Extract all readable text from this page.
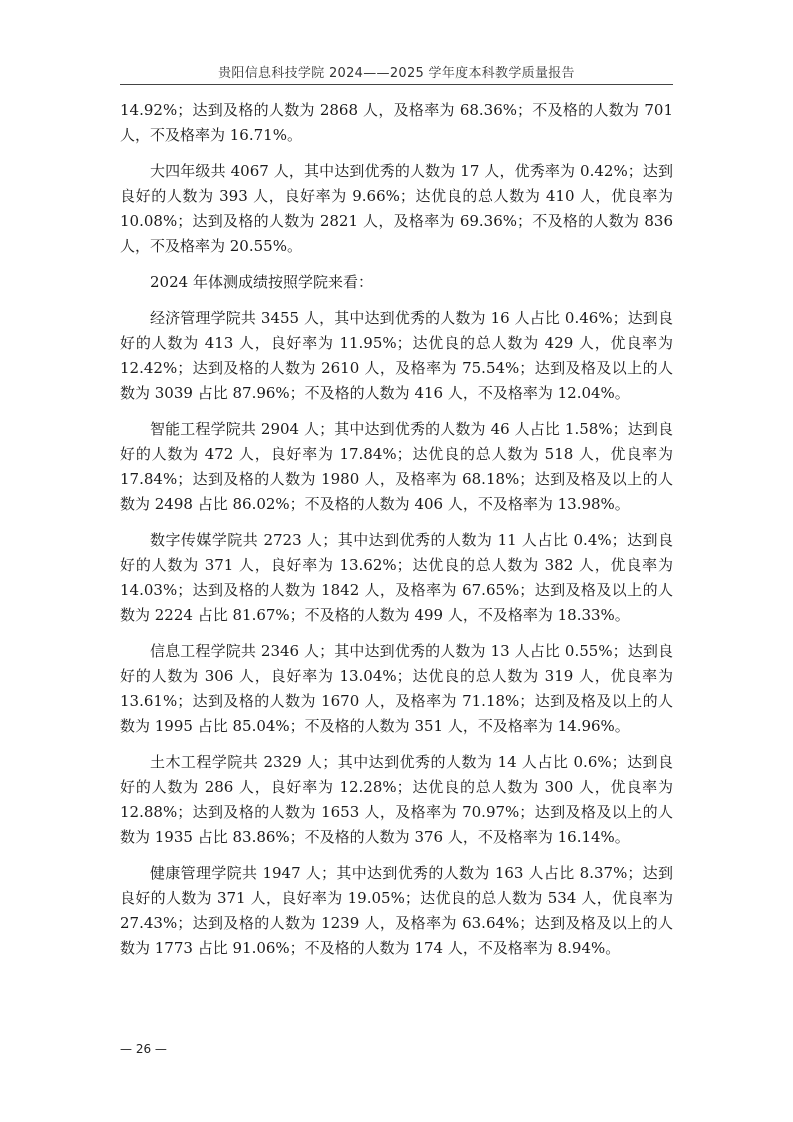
贵阳信息科技学院 2024——2025 学年度本科教学质量报告

14.92%；达到及格的人数为 2868 人，及格率为 68.36%；不及格的人数为 701 人，不及格率为 16.71%。

大四年级共 4067 人，其中达到优秀的人数为 17 人，优秀率为 0.42%；达到良好的人数为 393 人，良好率为 9.66%；达优良的总人数为 410 人，优良率为 10.08%；达到及格的人数为 2821 人，及格率为 69.36%；不及格的人数为 836 人，不及格率为 20.55%。

2024 年体测成绩按照学院来看：

经济管理学院共 3455 人，其中达到优秀的人数为 16 人占比 0.46%；达到良好的人数为 413 人，良好率为 11.95%；达优良的总人数为 429 人，优良率为 12.42%；达到及格的人数为 2610 人，及格率为 75.54%；达到及格及以上的人数为 3039 占比 87.96%；不及格的人数为 416 人，不及格率为 12.04%。

智能工程学院共 2904 人；其中达到优秀的人数为 46 人占比 1.58%；达到良好的人数为 472 人，良好率为 17.84%；达优良的总人数为 518 人，优良率为 17.84%；达到及格的人数为 1980 人，及格率为 68.18%；达到及格及以上的人数为 2498 占比 86.02%；不及格的人数为 406 人，不及格率为 13.98%。

数字传媒学院共 2723 人；其中达到优秀的人数为 11 人占比 0.4%；达到良好的人数为 371 人，良好率为 13.62%；达优良的总人数为 382 人，优良率为 14.03%；达到及格的人数为 1842 人，及格率为 67.65%；达到及格及以上的人数为 2224 占比 81.67%；不及格的人数为 499 人，不及格率为 18.33%。

信息工程学院共 2346 人；其中达到优秀的人数为 13 人占比 0.55%；达到良好的人数为 306 人，良好率为 13.04%；达优良的总人数为 319 人，优良率为 13.61%；达到及格的人数为 1670 人，及格率为 71.18%；达到及格及以上的人数为 1995 占比 85.04%；不及格的人数为 351 人，不及格率为 14.96%。

土木工程学院共 2329 人；其中达到优秀的人数为 14 人占比 0.6%；达到良好的人数为 286 人，良好率为 12.28%；达优良的总人数为 300 人，优良率为 12.88%；达到及格的人数为 1653 人，及格率为 70.97%；达到及格及以上的人数为 1935 占比 83.86%；不及格的人数为 376 人，不及格率为 16.14%。

健康管理学院共 1947 人；其中达到优秀的人数为 163 人占比 8.37%；达到良好的人数为 371 人，良好率为 19.05%；达优良的总人数为 534 人，优良率为 27.43%；达到及格的人数为 1239 人，及格率为 63.64%；达到及格及以上的人数为 1773 占比 91.06%；不及格的人数为 174 人，不及格率为 8.94%。

— 26 —
